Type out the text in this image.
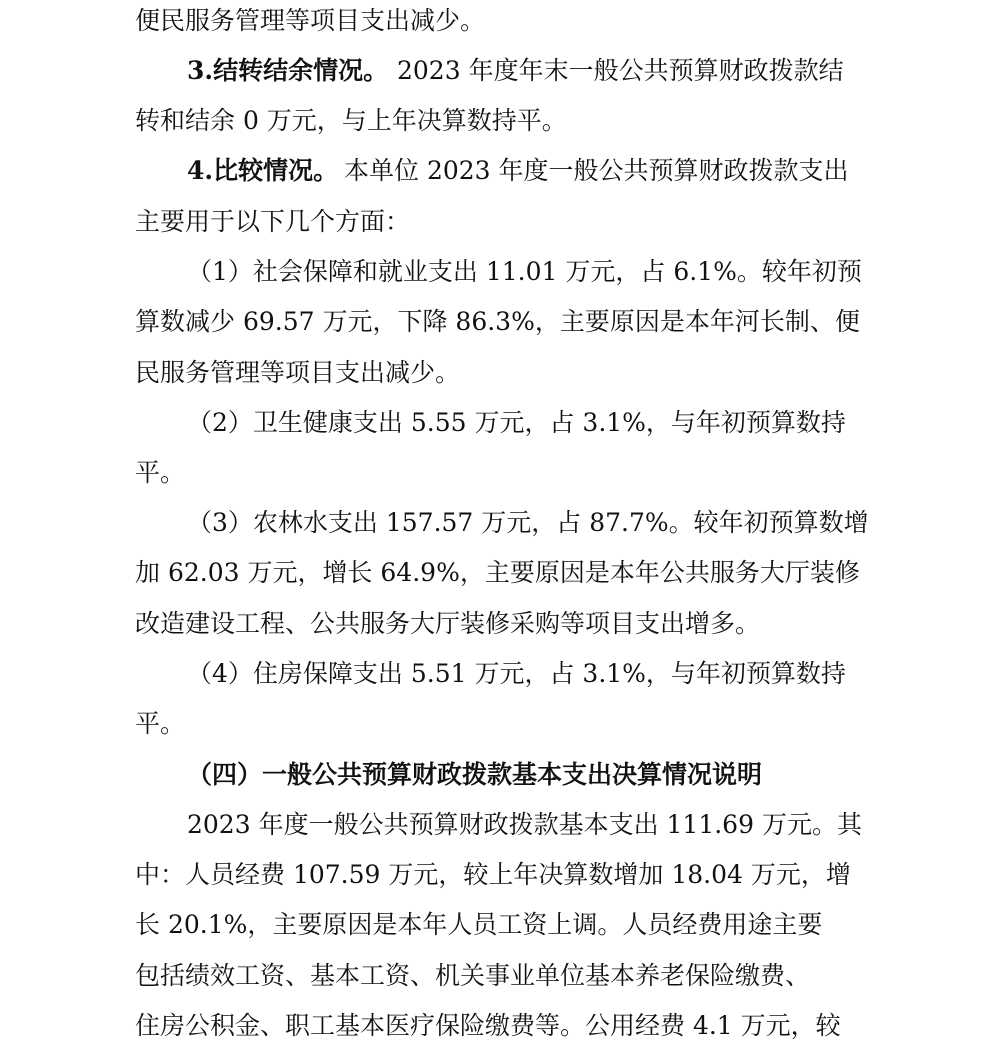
便民服务管理等项目支出减少。
3.结转结余情况。 2023 年度年末一般公共预算财政拨款结
转和结余 0 万元，与上年决算数持平。
4.比较情况。 本单位 2023 年度一般公共预算财政拨款支出
主要用于以下几个方面：
（1）社会保障和就业支出 11.01 万元，占 6.1%。较年初预
算数减少 69.57 万元，下降 86.3%，主要原因是本年河长制、便
民服务管理等项目支出减少。
（2）卫生健康支出 5.55 万元，占 3.1%，与年初预算数持
平。
（3）农林水支出 157.57 万元，占 87.7%。较年初预算数增
加 62.03 万元，增长 64.9%，主要原因是本年公共服务大厅装修
改造建设工程、公共服务大厅装修采购等项目支出增多。
（4）住房保障支出 5.51 万元，占 3.1%，与年初预算数持
平。
（四）一般公共预算财政拨款基本支出决算情况说明
2023 年度一般公共预算财政拨款基本支出 111.69 万元。其
中：人员经费 107.59 万元，较上年决算数增加 18.04 万元，增
长 20.1%，主要原因是本年人员工资上调。人员经费用途主要
包括绩效工资、基本工资、机关事业单位基本养老保险缴费、
住房公积金、职工基本医疗保险缴费等。公用经费 4.1 万元，较
